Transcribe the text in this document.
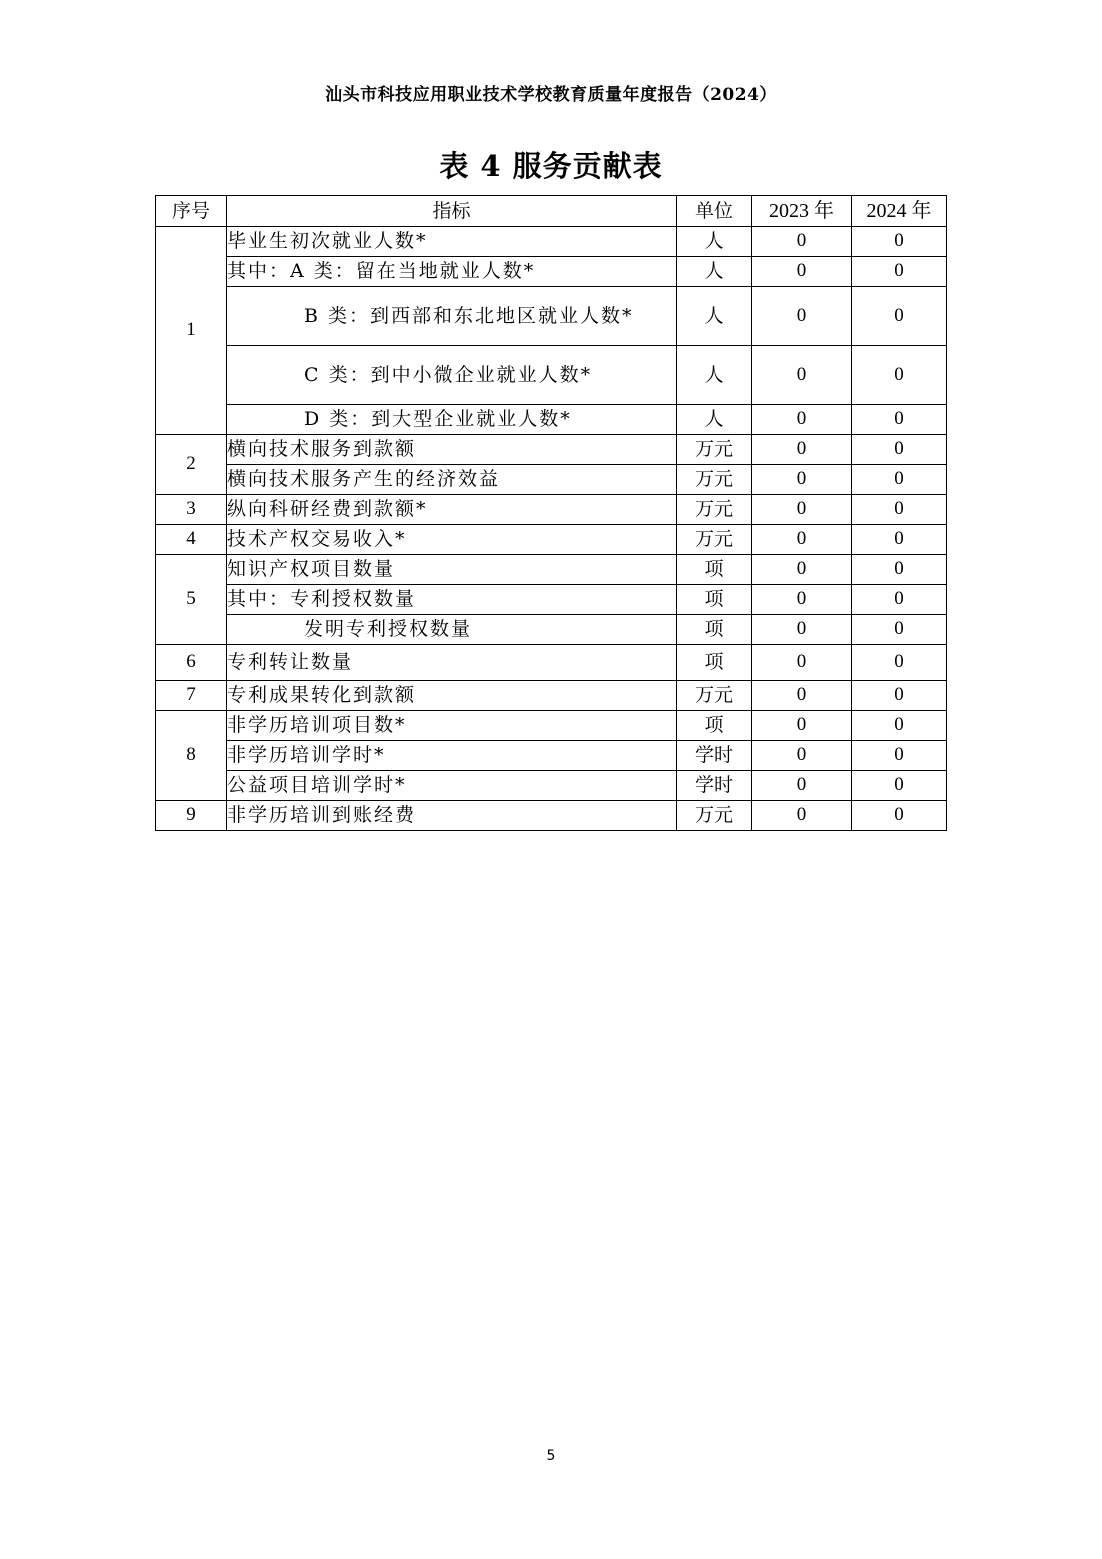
汕头市科技应用职业技术学校教育质量年度报告（2024）
表 4 服务贡献表
序号	指标	单位	2023 年	2024 年
1	毕业生初次就业人数*	人	0	0
	其中：A 类：留在当地就业人数*	人	0	0
	B 类：到西部和东北地区就业人数*	人	0	0
	C 类：到中小微企业就业人数*	人	0	0
	D 类：到大型企业就业人数*	人	0	0
2	横向技术服务到款额	万元	0	0
	横向技术服务产生的经济效益	万元	0	0
3	纵向科研经费到款额*	万元	0	0
4	技术产权交易收入*	万元	0	0
5	知识产权项目数量	项	0	0
	其中：专利授权数量	项	0	0
	发明专利授权数量	项	0	0
6	专利转让数量	项	0	0
7	专利成果转化到款额	万元	0	0
8	非学历培训项目数*	项	0	0
	非学历培训学时*	学时	0	0
	公益项目培训学时*	学时	0	0
9	非学历培训到账经费	万元	0	0
5
